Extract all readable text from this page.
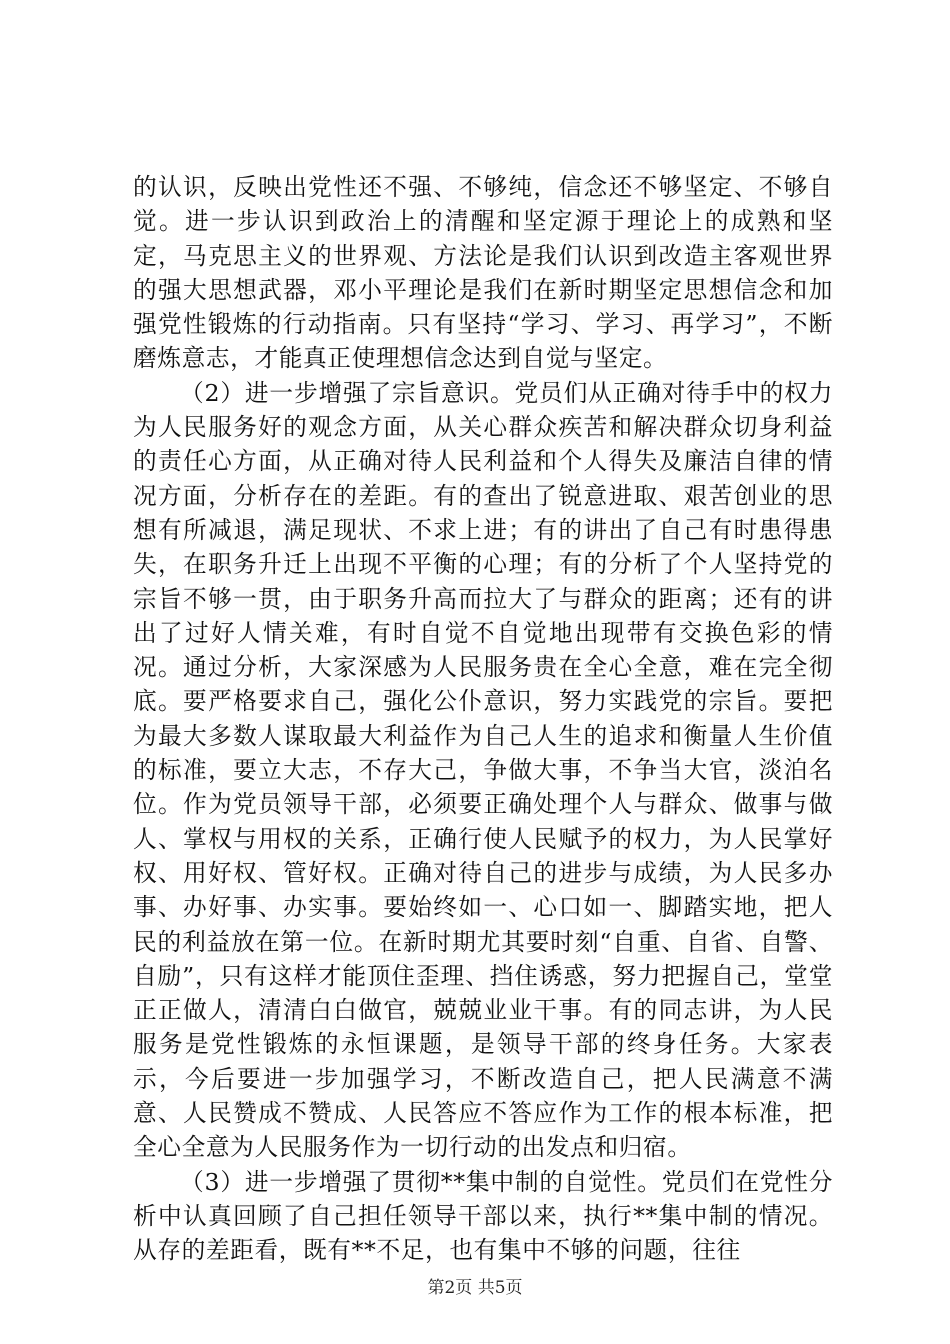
的认识，反映出党性还不强、不够纯，信念还不够坚定、不够自觉。进一步认识到政治上的清醒和坚定源于理论上的成熟和坚定，马克思主义的世界观、方法论是我们认识到改造主客观世界的强大思想武器，邓小平理论是我们在新时期坚定思想信念和加强党性锻炼的行动指南。只有坚持“学习、学习、再学习”，不断磨炼意志，才能真正使理想信念达到自觉与坚定。

（2）进一步增强了宗旨意识。党员们从正确对待手中的权力为人民服务好的观念方面，从关心群众疾苦和解决群众切身利益的责任心方面，从正确对待人民利益和个人得失及廉洁自律的情况方面，分析存在的差距。有的查出了锐意进取、艰苦创业的思想有所减退，满足现状、不求上进；有的讲出了自己有时患得患失，在职务升迁上出现不平衡的心理；有的分析了个人坚持党的宗旨不够一贯，由于职务升高而拉大了与群众的距离；还有的讲出了过好人情关难，有时自觉不自觉地出现带有交换色彩的情况。通过分析，大家深感为人民服务贵在全心全意，难在完全彻底。要严格要求自己，强化公仆意识，努力实践党的宗旨。要把为最大多数人谋取最大利益作为自己人生的追求和衡量人生价值的标准，要立大志，不存大己，争做大事，不争当大官，淡泊名位。作为党员领导干部，必须要正确处理个人与群众、做事与做人、掌权与用权的关系，正确行使人民赋予的权力，为人民掌好权、用好权、管好权。正确对待自己的进步与成绩，为人民多办事、办好事、办实事。要始终如一、心口如一、脚踏实地，把人民的利益放在第一位。在新时期尤其要时刻“自重、自省、自警、自励”，只有这样才能顶住歪理、挡住诱惑，努力把握自己，堂堂正正做人，清清白白做官，兢兢业业干事。有的同志讲，为人民服务是党性锻炼的永恒课题，是领导干部的终身任务。大家表示，今后要进一步加强学习，不断改造自己，把人民满意不满意、人民赞成不赞成、人民答应不答应作为工作的根本标准，把全心全意为人民服务作为一切行动的出发点和归宿。

（3）进一步增强了贯彻**集中制的自觉性。党员们在党性分析中认真回顾了自己担任领导干部以来，执行**集中制的情况。从存的差距看，既有**不足，也有集中不够的问题，往往

第2页 共5页
